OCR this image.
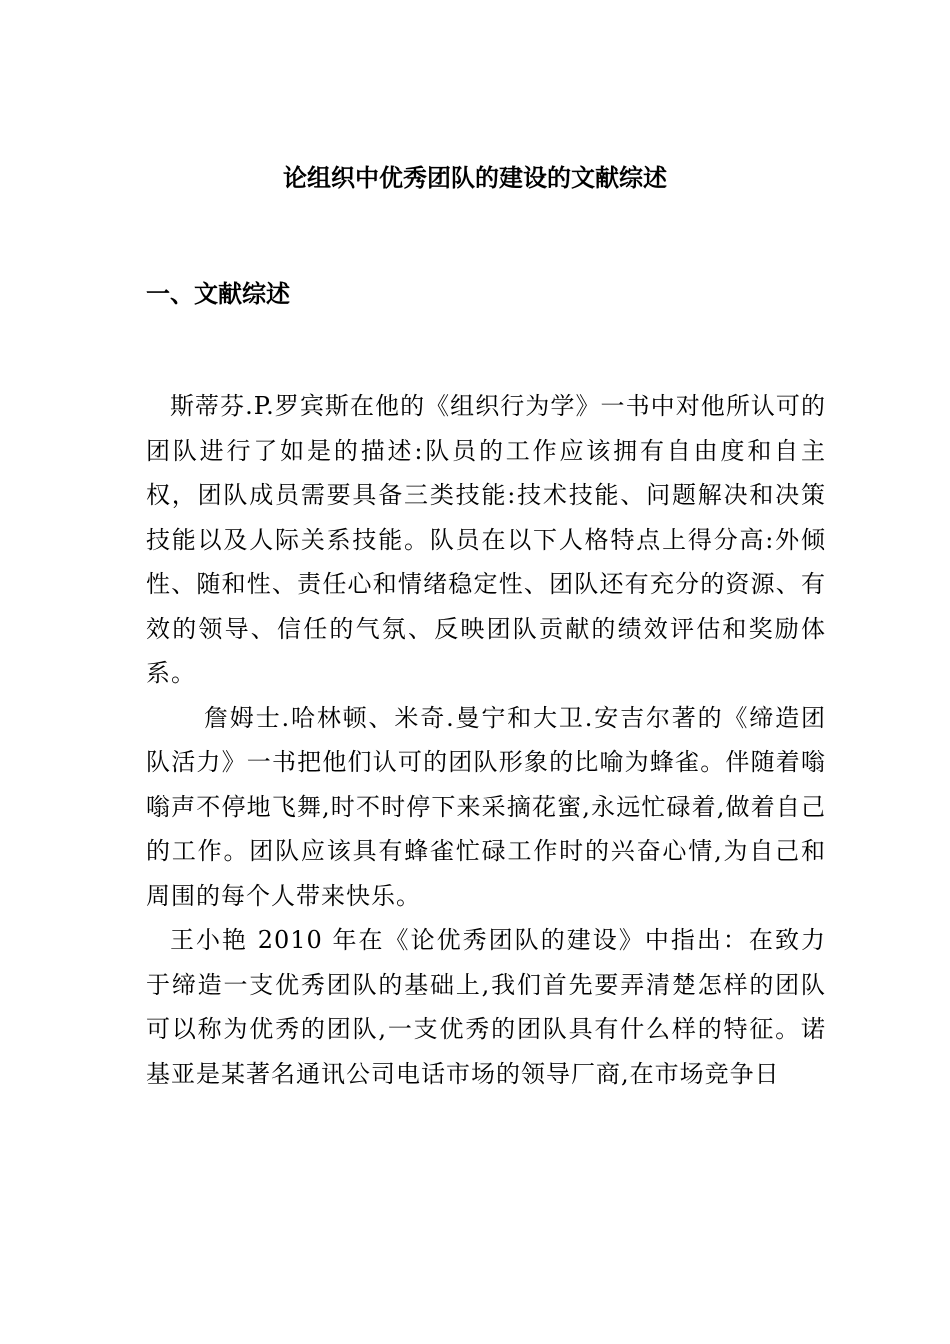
论组织中优秀团队的建设的文献综述
一、文献综述

斯蒂芬.P.罗宾斯在他的《组织行为学》一书中对他所认可的团队进行了如是的描述:队员的工作应该拥有自由度和自主权，团队成员需要具备三类技能:技术技能、问题解决和决策技能以及人际关系技能。队员在以下人格特点上得分高:外倾性、随和性、责任心和情绪稳定性、团队还有充分的资源、有效的领导、信任的气氛、反映团队贡献的绩效评估和奖励体系。

詹姆士.哈林顿、米奇.曼宁和大卫.安吉尔著的《缔造团队活力》一书把他们认可的团队形象的比喻为蜂雀。伴随着嗡嗡声不停地飞舞,时不时停下来采摘花蜜,永远忙碌着,做着自己的工作。团队应该具有蜂雀忙碌工作时的兴奋心情,为自己和周围的每个人带来快乐。

王小艳 2010 年在《论优秀团队的建设》中指出：在致力于缔造一支优秀团队的基础上,我们首先要弄清楚怎样的团队可以称为优秀的团队,一支优秀的团队具有什么样的特征。诺基亚是某著名通讯公司电话市场的领导厂商,在市场竞争日
